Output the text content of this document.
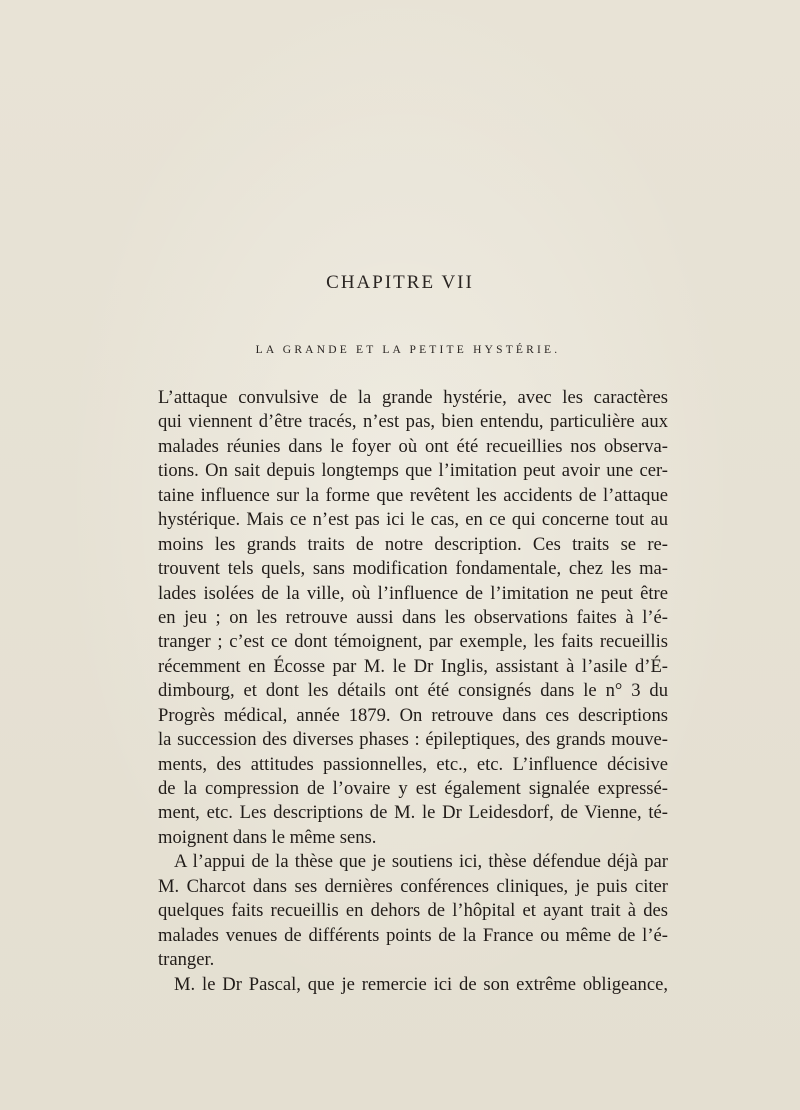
CHAPITRE VII
LA GRANDE ET LA PETITE HYSTÉRIE.
L’attaque convulsive de la grande hystérie, avec les caractères
qui viennent d’être tracés, n’est pas, bien entendu, particulière aux
malades réunies dans le foyer où ont été recueillies nos observa-
tions. On sait depuis longtemps que l’imitation peut avoir une cer-
taine influence sur la forme que revêtent les accidents de l’attaque
hystérique. Mais ce n’est pas ici le cas, en ce qui concerne tout au
moins les grands traits de notre description. Ces traits se re-
trouvent tels quels, sans modification fondamentale, chez les ma-
lades isolées de la ville, où l’influence de l’imitation ne peut être
en jeu ; on les retrouve aussi dans les observations faites à l’é-
tranger ; c’est ce dont témoignent, par exemple, les faits recueillis
récemment en Écosse par M. le Dr Inglis, assistant à l’asile d’É-
dimbourg, et dont les détails ont été consignés dans le n° 3 du
Progrès médical, année 1879. On retrouve dans ces descriptions
la succession des diverses phases : épileptiques, des grands mouve-
ments, des attitudes passionnelles, etc., etc. L’influence décisive
de la compression de l’ovaire y est également signalée expressé-
ment, etc. Les descriptions de M. le Dr Leidesdorf, de Vienne, té-
moignent dans le même sens.
A l’appui de la thèse que je soutiens ici, thèse défendue déjà par
M. Charcot dans ses dernières conférences cliniques, je puis citer
quelques faits recueillis en dehors de l’hôpital et ayant trait à des
malades venues de différents points de la France ou même de l’é-
tranger.
M. le Dr Pascal, que je remercie ici de son extrême obligeance,
